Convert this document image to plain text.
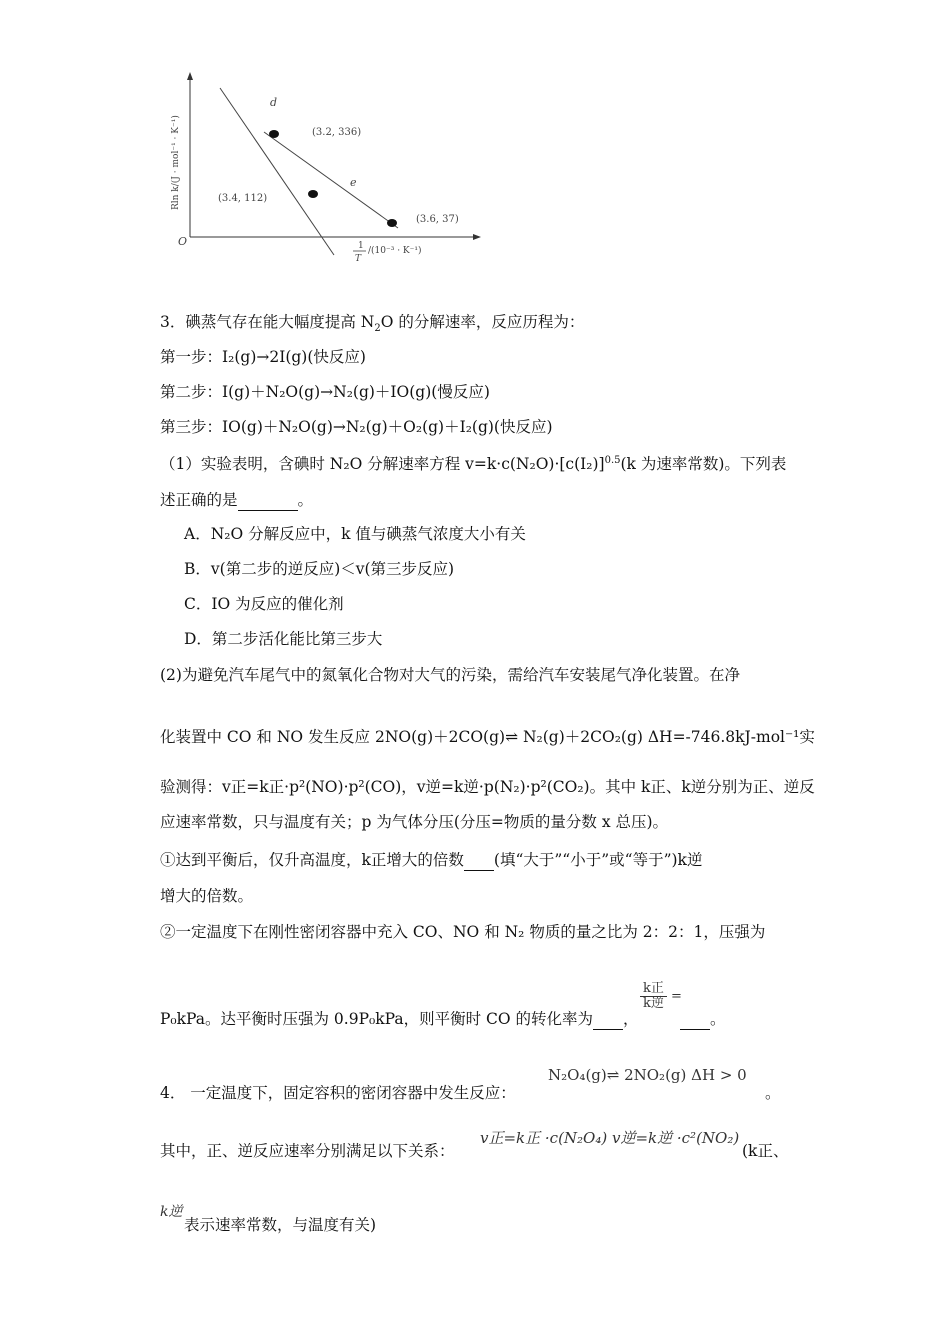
d
e
(3.2, 336)
(3.4, 112)
(3.6, 37)
O
Rln k/(J · mol⁻¹ · K⁻¹)
1
T
/(10⁻³ · K⁻¹)
3．碘蒸气存在能大幅度提高 $N_2O$ 的分解速率，反应历程为：
第一步：I₂(g)→2I(g)(快反应)
第二步：I(g)＋N₂O(g)→N₂(g)＋IO(g)(慢反应)
第三步：IO(g)＋N₂O(g)→N₂(g)＋O₂(g)＋I₂(g)(快反应)
（1）实验表明，含碘时 N₂O 分解速率方程 $v=k\cdot c(N_2O)\cdot[c(I_2)]^{0.5}(k$ 为速率常数)。下列表
述正确的是	。
A．N₂O 分解反应中，k 值与碘蒸气浓度大小有关
B．v(第二步的逆反应)＜v(第三步反应)
C．IO 为反应的催化剂
D．第二步活化能比第三步大
(2)为避免汽车尾气中的氮氧化合物对大气的污染，需给汽车安装尾气净化装置。在净
化装置中 CO 和 NO 发生反应 2NO(g)＋2CO(g)⇌ N₂(g)＋2CO₂(g) ΔH=-746.8kJ-mol⁻¹实
验测得：v正=k正·p²(NO)·p²(CO)，v逆=k逆·p(N₂)·p²(CO₂)。其中 k正、k逆分别为正、逆反
应速率常数，只与温度有关；p 为气体分压(分压=物质的量分数 x 总压)。
①达到平衡后，仅升高温度，k正增大的倍数 (填“大于”“小于”或“等于”)k逆
增大的倍数。
②一定温度下在刚性密闭容器中充入 CO、NO 和 N₂ 物质的量之比为 2：2：1，压强为
P₀kPa。达平衡时压强为 0.9P₀kPa，则平衡时 CO 的转化率为 ，
$\frac{\text{k正}}{\text{k逆}}$ =
。
4． 一定温度下，固定容积的密闭容器中发生反应：
N₂O₄(g)⇌ 2NO₂(g) ΔH > 0
。
其中，正、逆反应速率分别满足以下关系：
v正=k正 ·c(N₂O₄) v逆=k逆 ·c²(NO₂)
(k正、
k逆
表示速率常数，与温度有关)
